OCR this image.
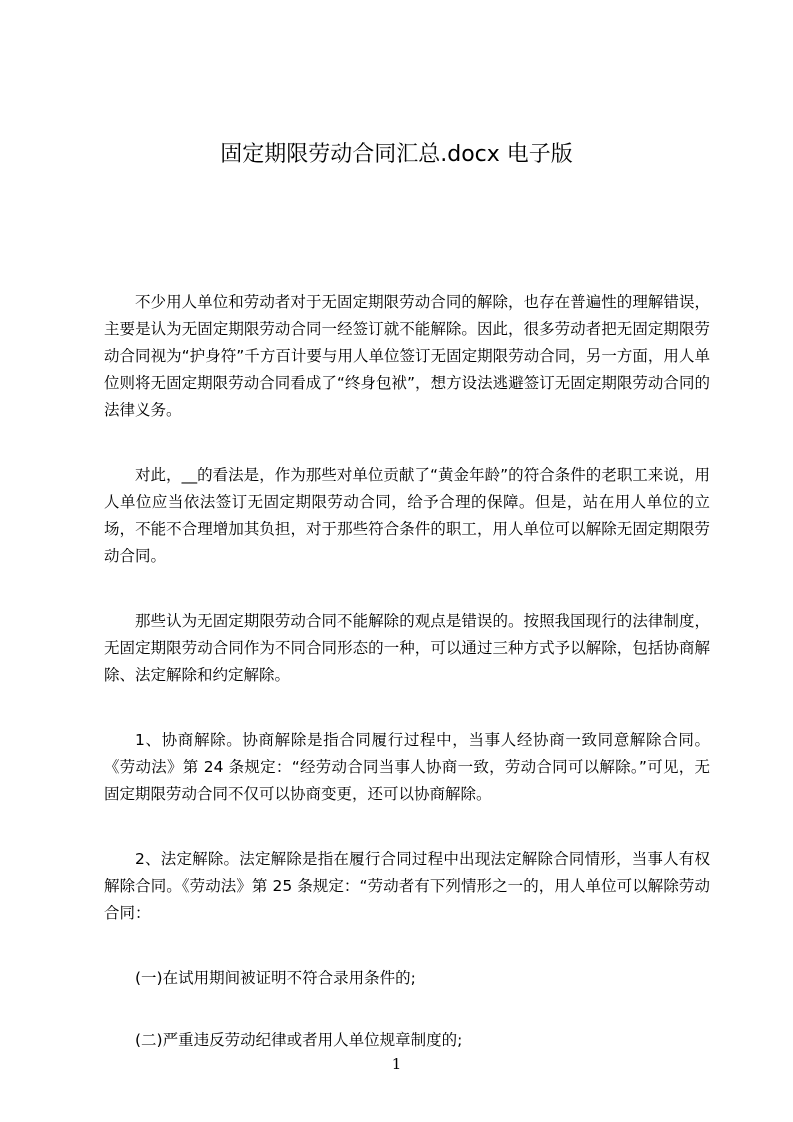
固定期限劳动合同汇总.docx 电子版

不少用人单位和劳动者对于无固定期限劳动合同的解除，也存在普遍性的理解错误，主要是认为无固定期限劳动合同一经签订就不能解除。因此，很多劳动者把无固定期限劳动合同视为“护身符”千方百计要与用人单位签订无固定期限劳动合同，另一方面，用人单位则将无固定期限劳动合同看成了“终身包袱”，想方设法逃避签订无固定期限劳动合同的法律义务。

对此，__的看法是，作为那些对单位贡献了“黄金年龄”的符合条件的老职工来说，用人单位应当依法签订无固定期限劳动合同，给予合理的保障。但是，站在用人单位的立场，不能不合理增加其负担，对于那些符合条件的职工，用人单位可以解除无固定期限劳动合同。

那些认为无固定期限劳动合同不能解除的观点是错误的。按照我国现行的法律制度，无固定期限劳动合同作为不同合同形态的一种，可以通过三种方式予以解除，包括协商解除、法定解除和约定解除。

1、协商解除。协商解除是指合同履行过程中，当事人经协商一致同意解除合同。《劳动法》第 24 条规定：“经劳动合同当事人协商一致，劳动合同可以解除。”可见，无固定期限劳动合同不仅可以协商变更，还可以协商解除。

2、法定解除。法定解除是指在履行合同过程中出现法定解除合同情形，当事人有权解除合同。《劳动法》第 25 条规定：“劳动者有下列情形之一的，用人单位可以解除劳动合同：

(一)在试用期间被证明不符合录用条件的;

(二)严重违反劳动纪律或者用人单位规章制度的;

1
